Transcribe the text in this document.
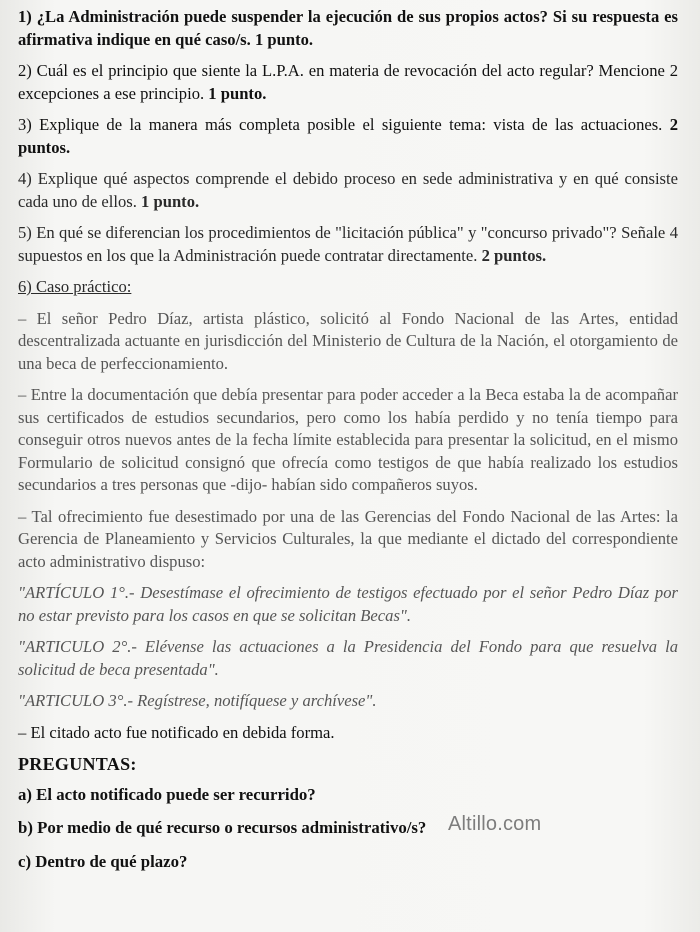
1) ¿La Administración puede suspender la ejecución de sus propios actos? Si su respuesta es afirmativa indique en qué caso/s. 1 punto.
2) Cuál es el principio que siente la L.P.A. en materia de revocación del acto regular? Mencione 2 excepciones a ese principio. 1 punto.
3) Explique de la manera más completa posible el siguiente tema: vista de las actuaciones. 2 puntos.
4) Explique qué aspectos comprende el debido proceso en sede administrativa y en qué consiste cada uno de ellos. 1 punto.
5) En qué se diferencian los procedimientos de "licitación pública" y "concurso privado"? Señale 4 supuestos en los que la Administración puede contratar directamente. 2 puntos.
6) Caso práctico:
– El señor Pedro Díaz, artista plástico, solicitó al Fondo Nacional de las Artes, entidad descentralizada actuante en jurisdicción del Ministerio de Cultura de la Nación, el otorgamiento de una beca de perfeccionamiento.
– Entre la documentación que debía presentar para poder acceder a la Beca estaba la de acompañar sus certificados de estudios secundarios, pero como los había perdido y no tenía tiempo para conseguir otros nuevos antes de la fecha límite establecida para presentar la solicitud, en el mismo Formulario de solicitud consignó que ofrecía como testigos de que había realizado los estudios secundarios a tres personas que -dijo- habían sido compañeros suyos.
– Tal ofrecimiento fue desestimado por una de las Gerencias del Fondo Nacional de las Artes: la Gerencia de Planeamiento y Servicios Culturales, la que mediante el dictado del correspondiente acto administrativo dispuso:
"ARTÍCULO 1°.- Desestímase el ofrecimiento de testigos efectuado por el señor Pedro Díaz por no estar previsto para los casos en que se solicitan Becas".
"ARTICULO 2°.- Elévense las actuaciones a la Presidencia del Fondo para que resuelva la solicitud de beca presentada".
"ARTICULO 3°.- Regístrese, notifíquese y archívese".
– El citado acto fue notificado en debida forma.
PREGUNTAS:
a) El acto notificado puede ser recurrido?
b) Por medio de qué recurso o recursos administrativo/s?
c) Dentro de qué plazo?
Altillo.com
